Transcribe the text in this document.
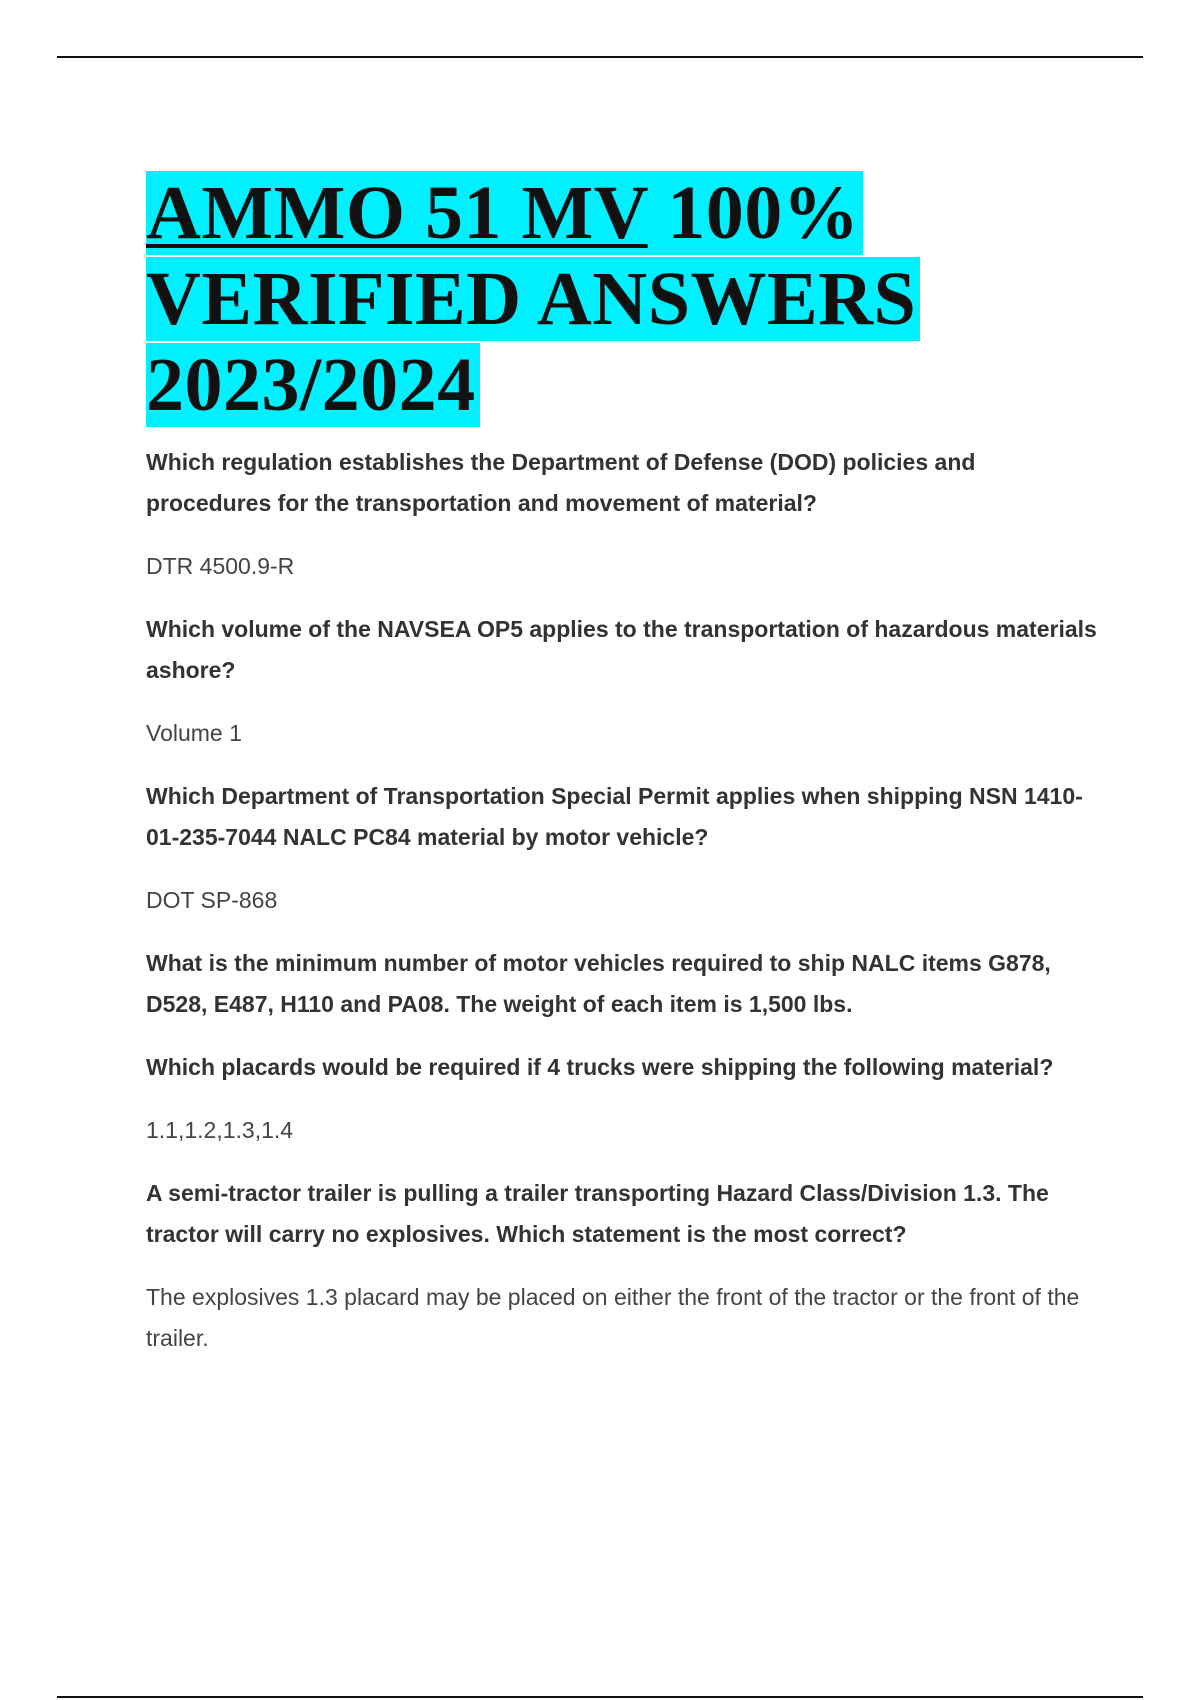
AMMO 51 MV 100% VERIFIED ANSWERS 2023/2024

Which regulation establishes the Department of Defense (DOD) policies and procedures for the transportation and movement of material?

DTR 4500.9-R

Which volume of the NAVSEA OP5 applies to the transportation of hazardous materials ashore?

Volume 1

Which Department of Transportation Special Permit applies when shipping NSN 1410-01-235-7044 NALC PC84 material by motor vehicle?

DOT SP-868

What is the minimum number of motor vehicles required to ship NALC items G878, D528, E487, H110 and PA08. The weight of each item is 1,500 lbs.

Which placards would be required if 4 trucks were shipping the following material?

1.1,1.2,1.3,1.4

A semi-tractor trailer is pulling a trailer transporting Hazard Class/Division 1.3. The tractor will carry no explosives. Which statement is the most correct?

The explosives 1.3 placard may be placed on either the front of the tractor or the front of the trailer.
